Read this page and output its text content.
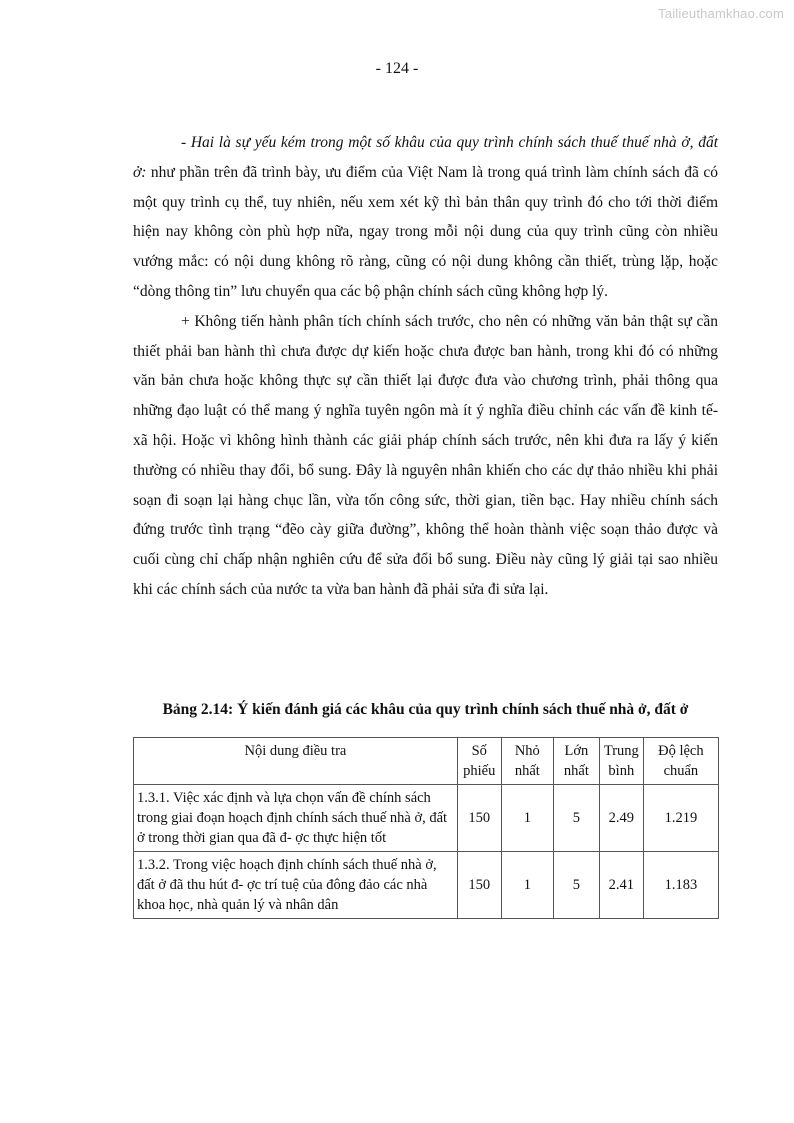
Tailieuthamkhao.com
- 124 -

- Hai là sự yếu kém trong một số khâu của quy trình chính sách thuế thuế nhà ở, đất ở: như phần trên đã trình bày, ưu điểm của Việt Nam là trong quá trình làm chính sách đã có một quy trình cụ thể, tuy nhiên, nếu xem xét kỹ thì bản thân quy trình đó cho tới thời điểm hiện nay không còn phù hợp nữa, ngay trong mỗi nội dung của quy trình cũng còn nhiều vướng mắc: có nội dung không rõ ràng, cũng có nội dung không cần thiết, trùng lặp, hoặc “dòng thông tin” lưu chuyển qua các bộ phận chính sách cũng không hợp lý.

+ Không tiến hành phân tích chính sách trước, cho nên có những văn bản thật sự cần thiết phải ban hành thì chưa được dự kiến hoặc chưa được ban hành, trong khi đó có những văn bản chưa hoặc không thực sự cần thiết lại được đưa vào chương trình, phải thông qua những đạo luật có thể mang ý nghĩa tuyên ngôn mà ít ý nghĩa điều chỉnh các vấn đề kinh tế- xã hội. Hoặc vì không hình thành các giải pháp chính sách trước, nên khi đưa ra lấy ý kiến thường có nhiều thay đổi, bổ sung. Đây là nguyên nhân khiến cho các dự thảo nhiều khi phải soạn đi soạn lại hàng chục lần, vừa tốn công sức, thời gian, tiền bạc. Hay nhiều chính sách đứng trước tình trạng “đẽo cày giữa đường”, không thể hoàn thành việc soạn thảo được và cuối cùng chỉ chấp nhận nghiên cứu để sửa đổi bổ sung. Điều này cũng lý giải tại sao nhiều khi các chính sách của nước ta vừa ban hành đã phải sửa đi sửa lại.

Bảng 2.14: Ý kiến đánh giá các khâu của quy trình chính sách thuế nhà ở, đất ở
Nội dung điều tra	Số phiếu	Nhỏ nhất	Lớn nhất	Trung bình	Độ lệch chuẩn
1.3.1. Việc xác định và lựa chọn vấn đề chính sách trong giai đoạn hoạch định chính sách thuế nhà ở, đất ở trong thời gian qua đã đ- ợc thực hiện tốt	150	1	5	2.49	1.219
1.3.2. Trong việc hoạch định chính sách thuế nhà ở, đất ở đã thu hút đ- ợc trí tuệ của đông đảo các nhà khoa học, nhà quản lý và nhân dân	150	1	5	2.41	1.183
